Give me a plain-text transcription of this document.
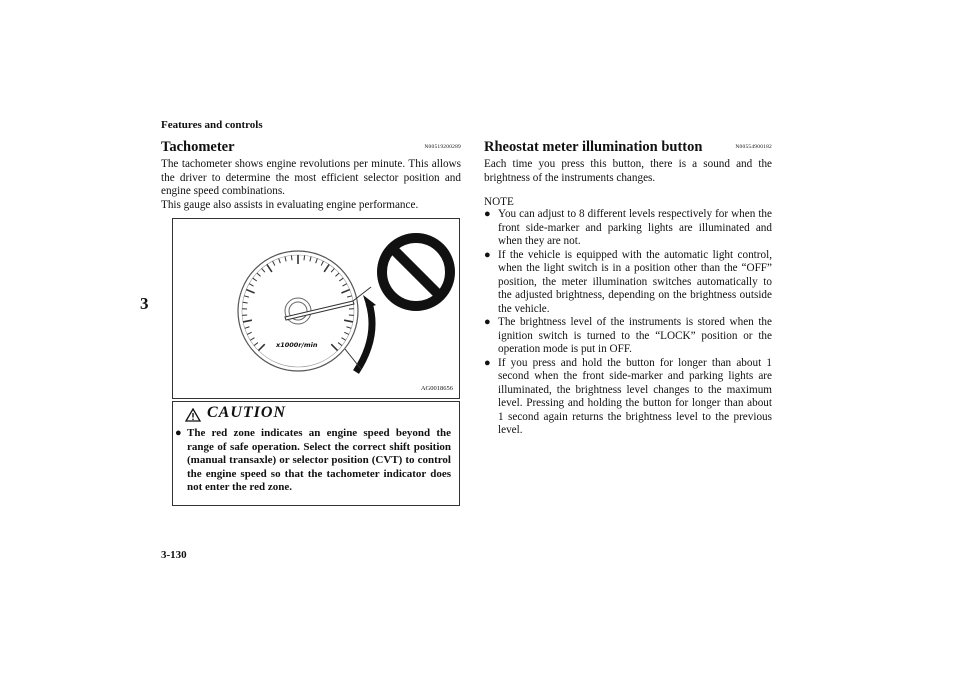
Features and controls
3
3-130
Tachometer	N00519200289

The tachometer shows engine revolutions per minute. This allows the driver to determine the most efficient selector position and engine speed combinations.

This gauge also assists in evaluating engine performance.

x1000r/min
AG0018656
CAUTION
● The red zone indicates an engine speed beyond the range of safe operation. Select the correct shift position (manual transaxle) or selector position (CVT) to control the engine speed so that the tachometer indicator does not enter the red zone.
Rheostat meter illumination button	N00554900182

Each time you press this button, there is a sound and the brightness of the instruments changes.

NOTE
● You can adjust to 8 different levels respectively for when the front side-marker and parking lights are illuminated and when they are not.
● If the vehicle is equipped with the automatic light control, when the light switch is in a position other than the “OFF” position, the meter illumination switches automatically to the adjusted brightness, depending on the brightness outside the vehicle.
● The brightness level of the instruments is stored when the ignition switch is turned to the “LOCK” position or the operation mode is put in OFF.
● If you press and hold the button for longer than about 1 second when the front side-marker and parking lights are illuminated, the brightness level changes to the maximum level. Pressing and holding the button for longer than about 1 second again returns the brightness level to the previous level.
